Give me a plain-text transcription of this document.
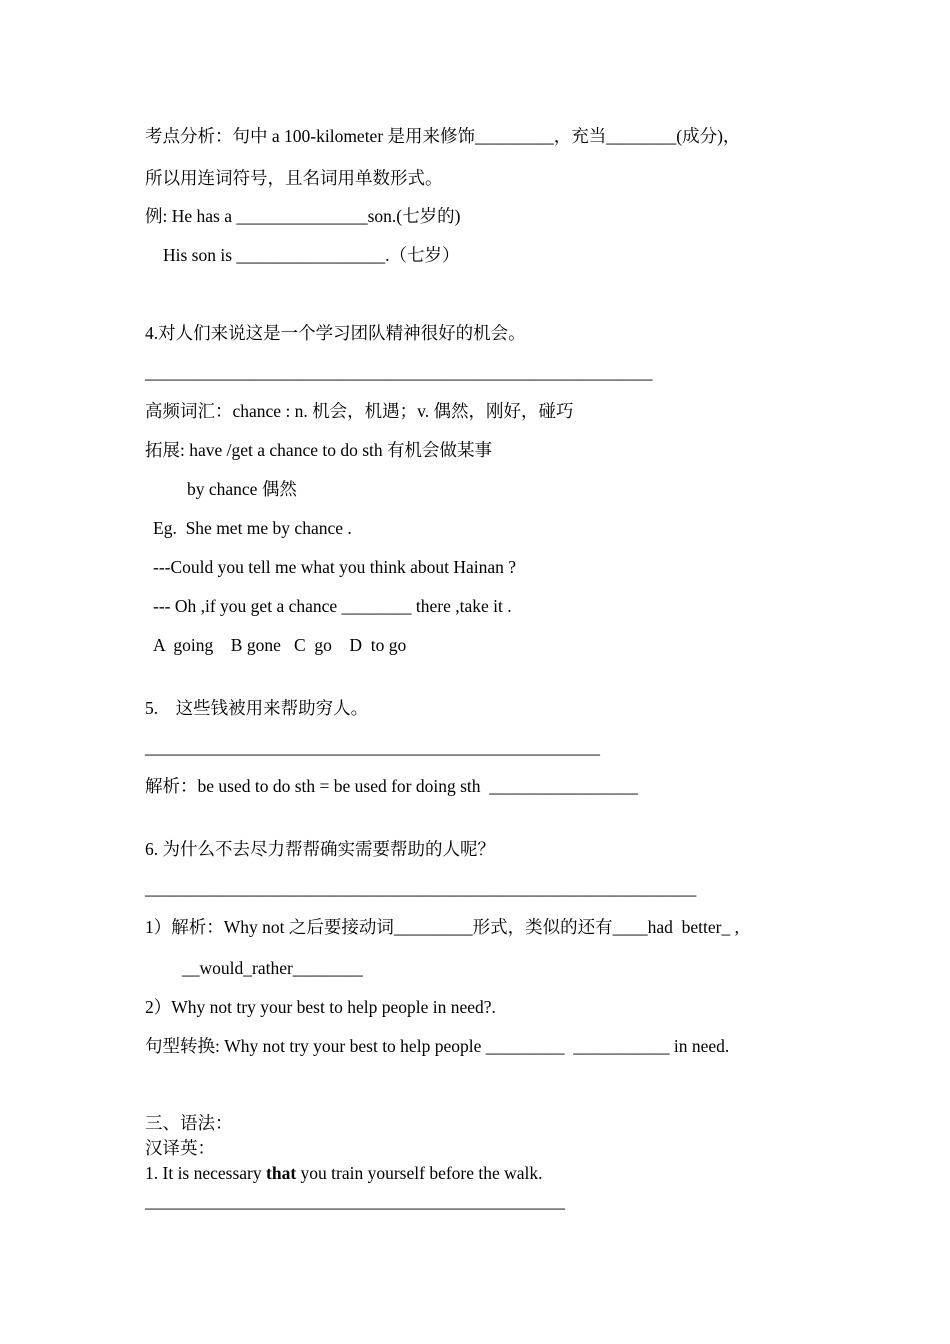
考点分析：句中 a 100-kilometer 是用来修饰_________，充当________(成分)，
所以用连词符号，且名词用单数形式。
例: He has a _______________son.(七岁的)
His son is _________________.（七岁）
4.对人们来说这是一个学习团队精神很好的机会。
__________________________________________________________
高频词汇：chance : n. 机会，机遇；v. 偶然，刚好，碰巧
拓展: have /get a chance to do sth 有机会做某事
by chance 偶然
Eg.  She met me by chance .
---Could you tell me what you think about Hainan ?
--- Oh ,if you get a chance ________ there ,take it .
A  going    B gone   C  go    D  to go
5.    这些钱被用来帮助穷人。
____________________________________________________
解析：be used to do sth = be used for doing sth  _________________
6. 为什么不去尽力帮帮确实需要帮助的人呢？
_______________________________________________________________
1）解析：Why not 之后要接动词_________形式，类似的还有____had  better_ ,
__would_rather________
2）Why not try your best to help people in need?.
句型转换: Why not try your best to help people _________  ___________ in need.
三、语法：
汉译英：
1. It is necessary that you train yourself before the walk.
________________________________________________
